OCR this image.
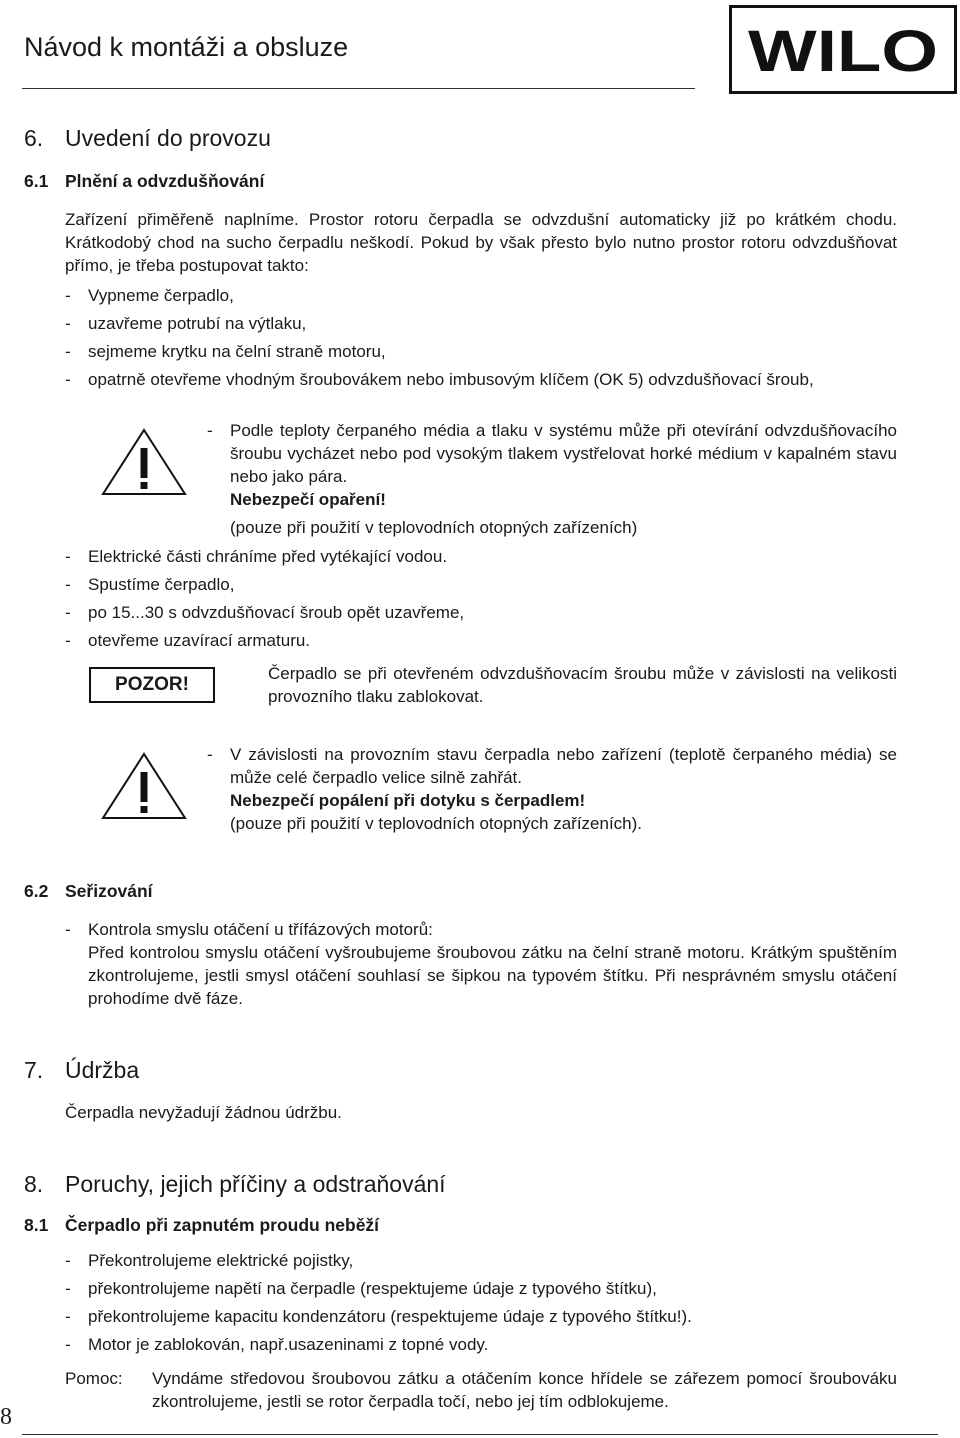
Návod k montáži a obsluze	WILO
6. Uvedení do provozu
6.1 Plnění a odvzdušňování
Zařízení přiměřeně naplníme. Prostor rotoru čerpadla se odvzdušní automaticky již po krátkém chodu. Krátkodobý chod na sucho čerpadlu neškodí. Pokud by však přesto bylo nutno prostor rotoru odvzdušňovat přímo, je třeba postupovat takto:
- Vypneme čerpadlo,
- uzavřeme potrubí na výtlaku,
- sejmeme krytku na čelní straně motoru,
- opatrně otevřeme vhodným šroubovákem nebo imbusovým klíčem (OK 5) odvzdušňovací šroub,
- Podle teploty čerpaného média a tlaku v systému může při otevírání odvzdušňovacího šroubu vycházet nebo pod vysokým tlakem vystřelovat horké médium v kapalném stavu nebo jako pára.
Nebezpečí opaření!
(pouze při použití v teplovodních otopných zařízeních)
- Elektrické části chráníme před vytékající vodou.
- Spustíme čerpadlo,
- po 15...30 s odvzdušňovací šroub opět uzavřeme,
- otevřeme uzavírací armaturu.
POZOR!
Čerpadlo se při otevřeném odvzdušňovacím šroubu může v závislosti na velikosti provozního tlaku zablokovat.
- V závislosti na provozním stavu čerpadla nebo zařízení (teplotě čerpaného média) se může celé čerpadlo velice silně zahřát.
Nebezpečí popálení při dotyku s čerpadlem!
(pouze při použití v teplovodních otopných zařízeních).
6.2 Seřizování
- Kontrola smyslu otáčení u třífázových motorů:
Před kontrolou smyslu otáčení vyšroubujeme šroubovou zátku na čelní straně motoru. Krátkým spuštěním zkontrolujeme, jestli smysl otáčení souhlasí se šipkou na typovém štítku. Při nesprávném smyslu otáčení prohodíme dvě fáze.
7. Údržba
Čerpadla nevyžadují žádnou údržbu.
8. Poruchy, jejich příčiny a odstraňování
8.1 Čerpadlo při zapnutém proudu neběží
- Překontrolujeme elektrické pojistky,
- překontrolujeme napětí na čerpadle (respektujeme údaje z typového štítku),
- překontrolujeme kapacitu kondenzátoru (respektujeme údaje z typového štítku!).
- Motor je zablokován, např.usazeninami z topné vody.
Pomoc: Vyndáme středovou šroubovou zátku a otáčením konce hřídele se zářezem pomocí šroubováku zkontrolujeme, jestli se rotor čerpadla točí, nebo jej tím odblokujeme.
8
